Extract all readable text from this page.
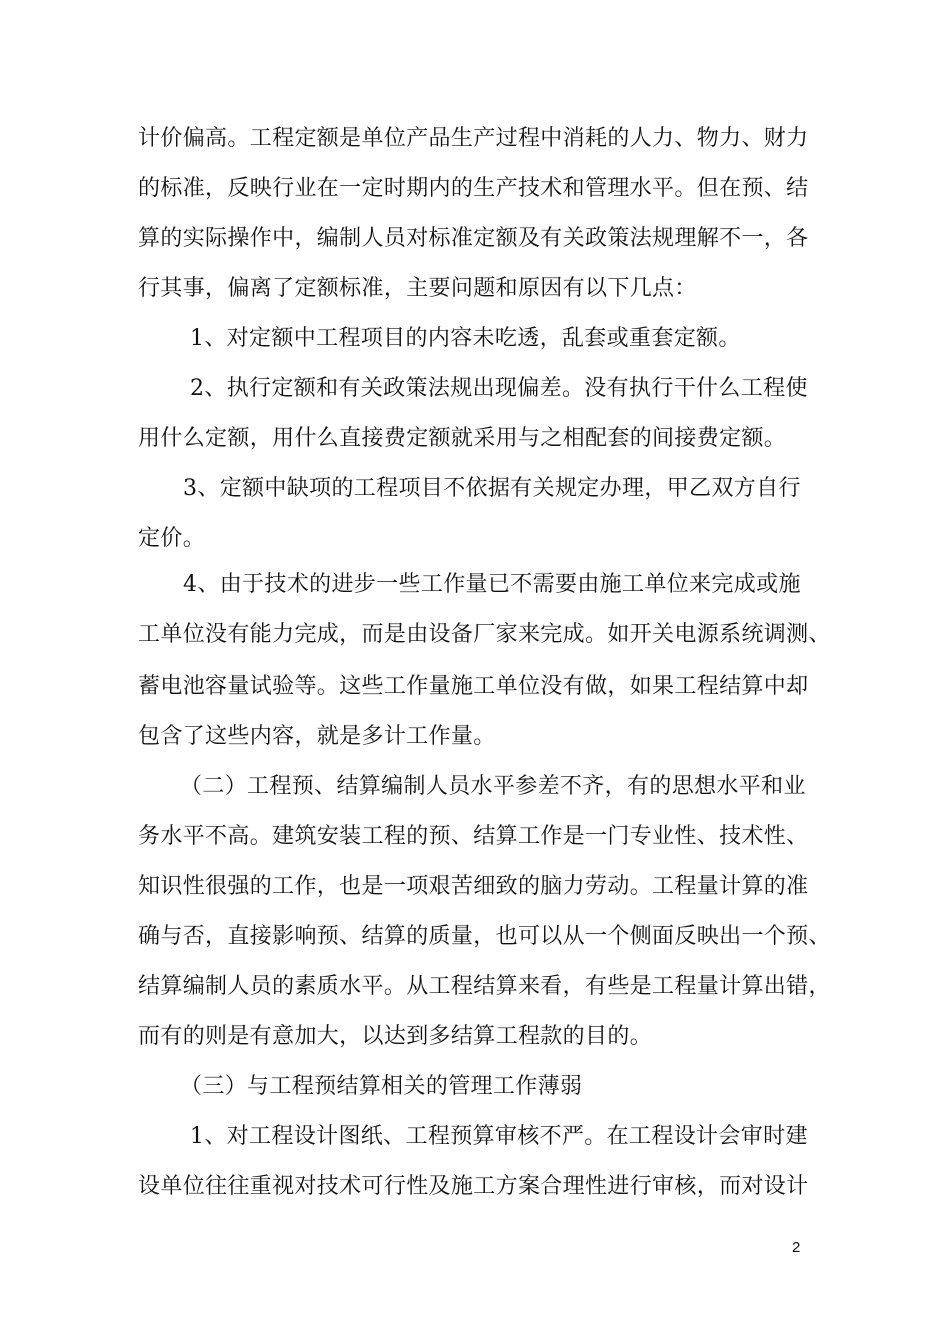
计价偏高。工程定额是单位产品生产过程中消耗的人力、物力、财力
的标准，反映行业在一定时期内的生产技术和管理水平。但在预、结
算的实际操作中，编制人员对标准定额及有关政策法规理解不一，各
行其事，偏离了定额标准，主要问题和原因有以下几点：
1、对定额中工程项目的内容未吃透，乱套或重套定额。
2、执行定额和有关政策法规出现偏差。没有执行干什么工程使
用什么定额，用什么直接费定额就采用与之相配套的间接费定额。
3、定额中缺项的工程项目不依据有关规定办理，甲乙双方自行
定价。
4、由于技术的进步一些工作量已不需要由施工单位来完成或施
工单位没有能力完成，而是由设备厂家来完成。如开关电源系统调测、
蓄电池容量试验等。这些工作量施工单位没有做，如果工程结算中却
包含了这些内容，就是多计工作量。
（二）工程预、结算编制人员水平参差不齐，有的思想水平和业
务水平不高。建筑安装工程的预、结算工作是一门专业性、技术性、
知识性很强的工作，也是一项艰苦细致的脑力劳动。工程量计算的准
确与否，直接影响预、结算的质量，也可以从一个侧面反映出一个预、
结算编制人员的素质水平。从工程结算来看，有些是工程量计算出错，
而有的则是有意加大，以达到多结算工程款的目的。
（三）与工程预结算相关的管理工作薄弱
1、对工程设计图纸、工程预算审核不严。在工程设计会审时建
设单位往往重视对技术可行性及施工方案合理性进行审核，而对设计
2
